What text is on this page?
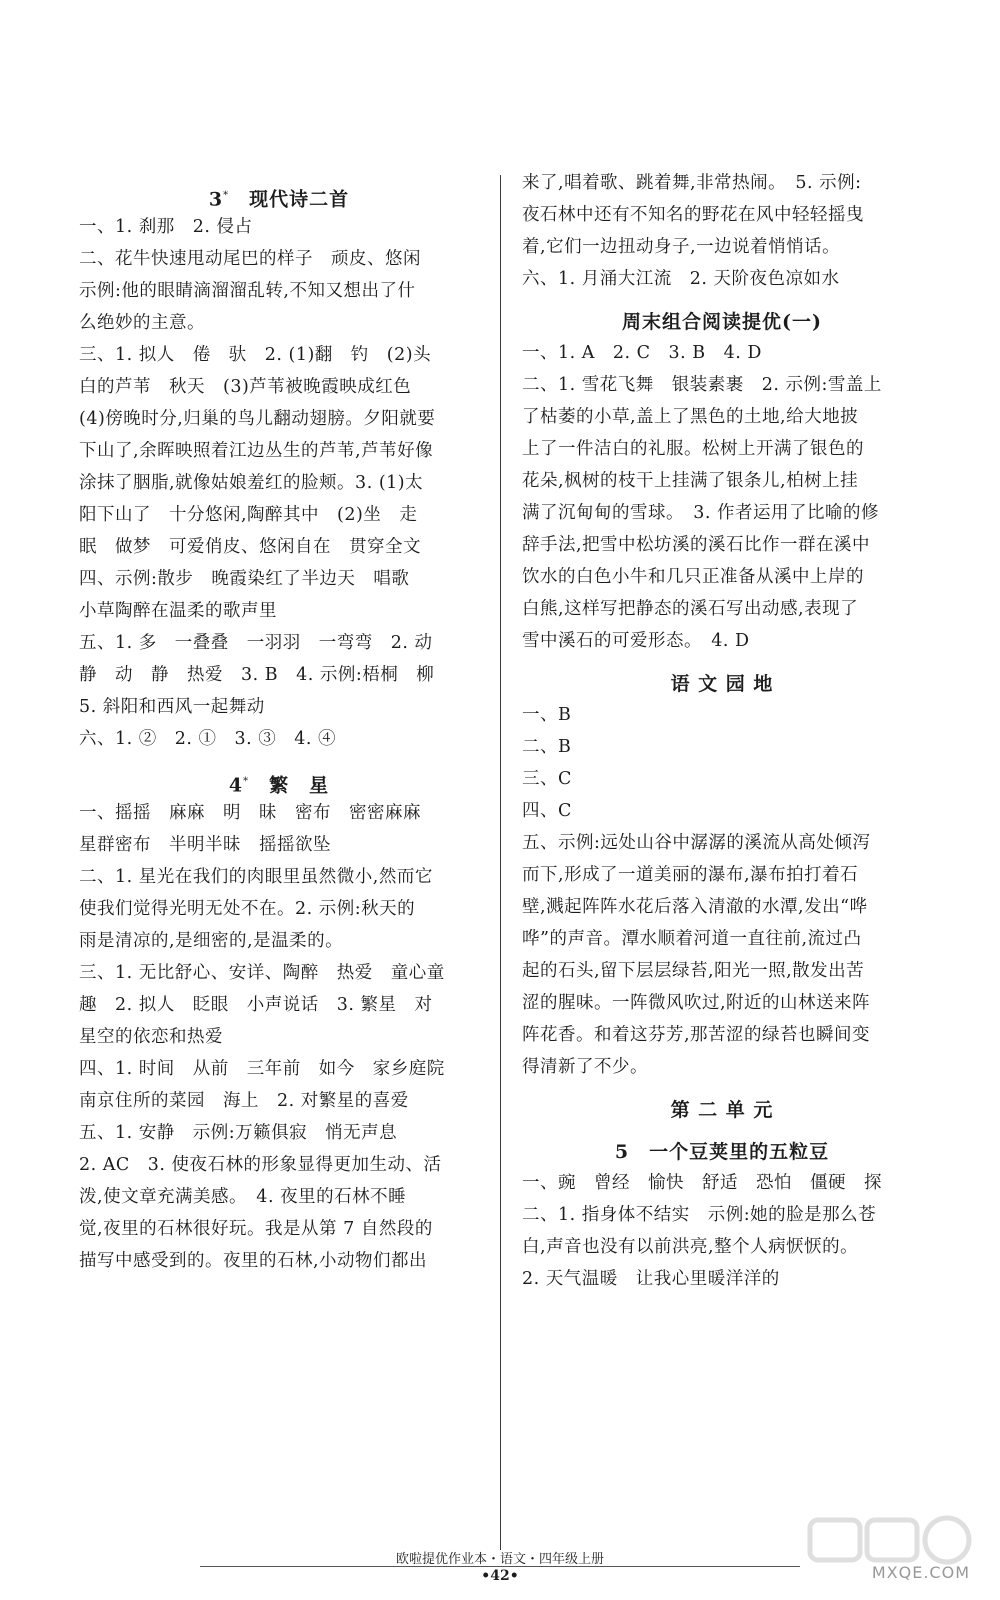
3*　 现代诗二首
一、1. 刹那　2. 侵占
二、花牛快速甩动尾巴的样子　顽皮、悠闲
示例:他的眼睛滴溜溜乱转,不知又想出了什
么绝妙的主意。
三、1. 拟人　倦　驮　2. (1)翻　钓　(2)头
白的芦苇　秋天　(3)芦苇被晚霞映成红色
(4)傍晚时分,归巢的鸟儿翻动翅膀。夕阳就要
下山了,余晖映照着江边丛生的芦苇,芦苇好像
涂抹了胭脂,就像姑娘羞红的脸颊。3. (1)太
阳下山了　十分悠闲,陶醉其中　(2)坐　走
眠　做梦　可爱俏皮、悠闲自在　贯穿全文
四、示例:散步　晚霞染红了半边天　唱歌
小草陶醉在温柔的歌声里
五、1. 多　一叠叠　一羽羽　一弯弯　2. 动
静　动　静　热爱　3. B　4. 示例:梧桐　柳
5. 斜阳和西风一起舞动
六、1. ②　2. ①　3. ③　4. ④
4*　 繁　星
一、摇摇　麻麻　明　昧　密布　密密麻麻
星群密布　半明半昧　摇摇欲坠
二、1. 星光在我们的肉眼里虽然微小,然而它
使我们觉得光明无处不在。2. 示例:秋天的
雨是清凉的,是细密的,是温柔的。
三、1. 无比舒心、安详、陶醉　热爱　童心童
趣　2. 拟人　眨眼　小声说话　3. 繁星　对
星空的依恋和热爱
四、1. 时间　从前　三年前　如今　家乡庭院
南京住所的菜园　海上　2. 对繁星的喜爱
五、1. 安静　示例:万籁俱寂　悄无声息
2. AC　3. 使夜石林的形象显得更加生动、活
泼,使文章充满美感。　4. 夜里的石林不睡
觉,夜里的石林很好玩。我是从第 7 自然段的
描写中感受到的。夜里的石林,小动物们都出
来了,唱着歌、跳着舞,非常热闹。　5. 示例:
夜石林中还有不知名的野花在风中轻轻摇曳
着,它们一边扭动身子,一边说着悄悄话。
六、1. 月涌大江流　2. 天阶夜色凉如水
周末组合阅读提优(一)
一、1. A　2. C　3. B　4. D
二、1. 雪花飞舞　银装素裹　2. 示例:雪盖上
了枯萎的小草,盖上了黑色的土地,给大地披
上了一件洁白的礼服。松树上开满了银色的
花朵,枫树的枝干上挂满了银条儿,柏树上挂
满了沉甸甸的雪球。　3. 作者运用了比喻的修
辞手法,把雪中松坊溪的溪石比作一群在溪中
饮水的白色小牛和几只正准备从溪中上岸的
白熊,这样写把静态的溪石写出动感,表现了
雪中溪石的可爱形态。　4. D
语 文 园 地
一、B
二、B
三、C
四、C
五、示例:远处山谷中潺潺的溪流从高处倾泻
而下,形成了一道美丽的瀑布,瀑布拍打着石
壁,溅起阵阵水花后落入清澈的水潭,发出“哗
哗”的声音。潭水顺着河道一直往前,流过凸
起的石头,留下层层绿苔,阳光一照,散发出苦
涩的腥味。一阵微风吹过,附近的山林送来阵
阵花香。和着这芬芳,那苦涩的绿苔也瞬间变
得清新了不少。
第 二 单 元
5　一个豆荚里的五粒豆
一、豌　曾经　愉快　舒适　恐怕　僵硬　探
二、1. 指身体不结实　示例:她的脸是那么苍
白,声音也没有以前洪亮,整个人病恹恹的。
2. 天气温暖　让我心里暖洋洋的
欧啦提优作业本・语文・四年级上册
•42•	MXQE.COM
